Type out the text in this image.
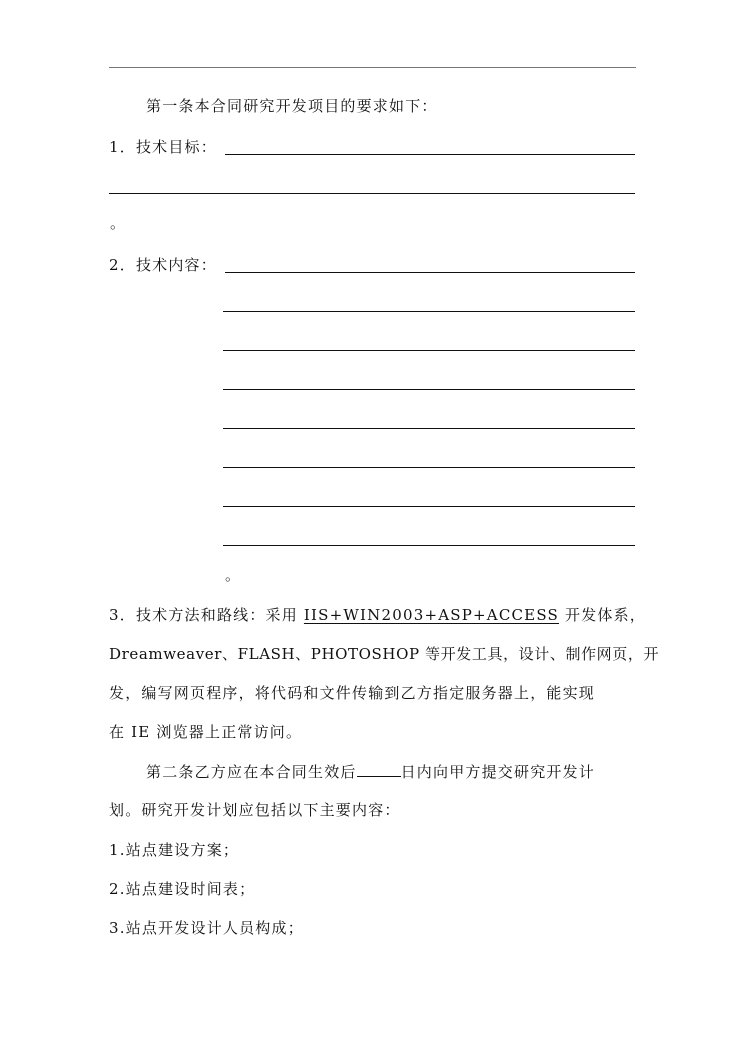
第一条本合同研究开发项目的要求如下：
1．技术目标：
。
2．技术内容：
。
3．技术方法和路线：采用 IIS+WIN2003+ASP+ACCESS 开发体系，
Dreamweaver、FLASH、PHOTOSHOP 等开发工具，设计、制作网页，开
发，编写网页程序，将代码和文件传输到乙方指定服务器上，能实现
在 IE 浏览器上正常访问。
第二条乙方应在本合同生效后	日内向甲方提交研究开发计
划。研究开发计划应包括以下主要内容：
1.站点建设方案；
2.站点建设时间表；
3.站点开发设计人员构成；
